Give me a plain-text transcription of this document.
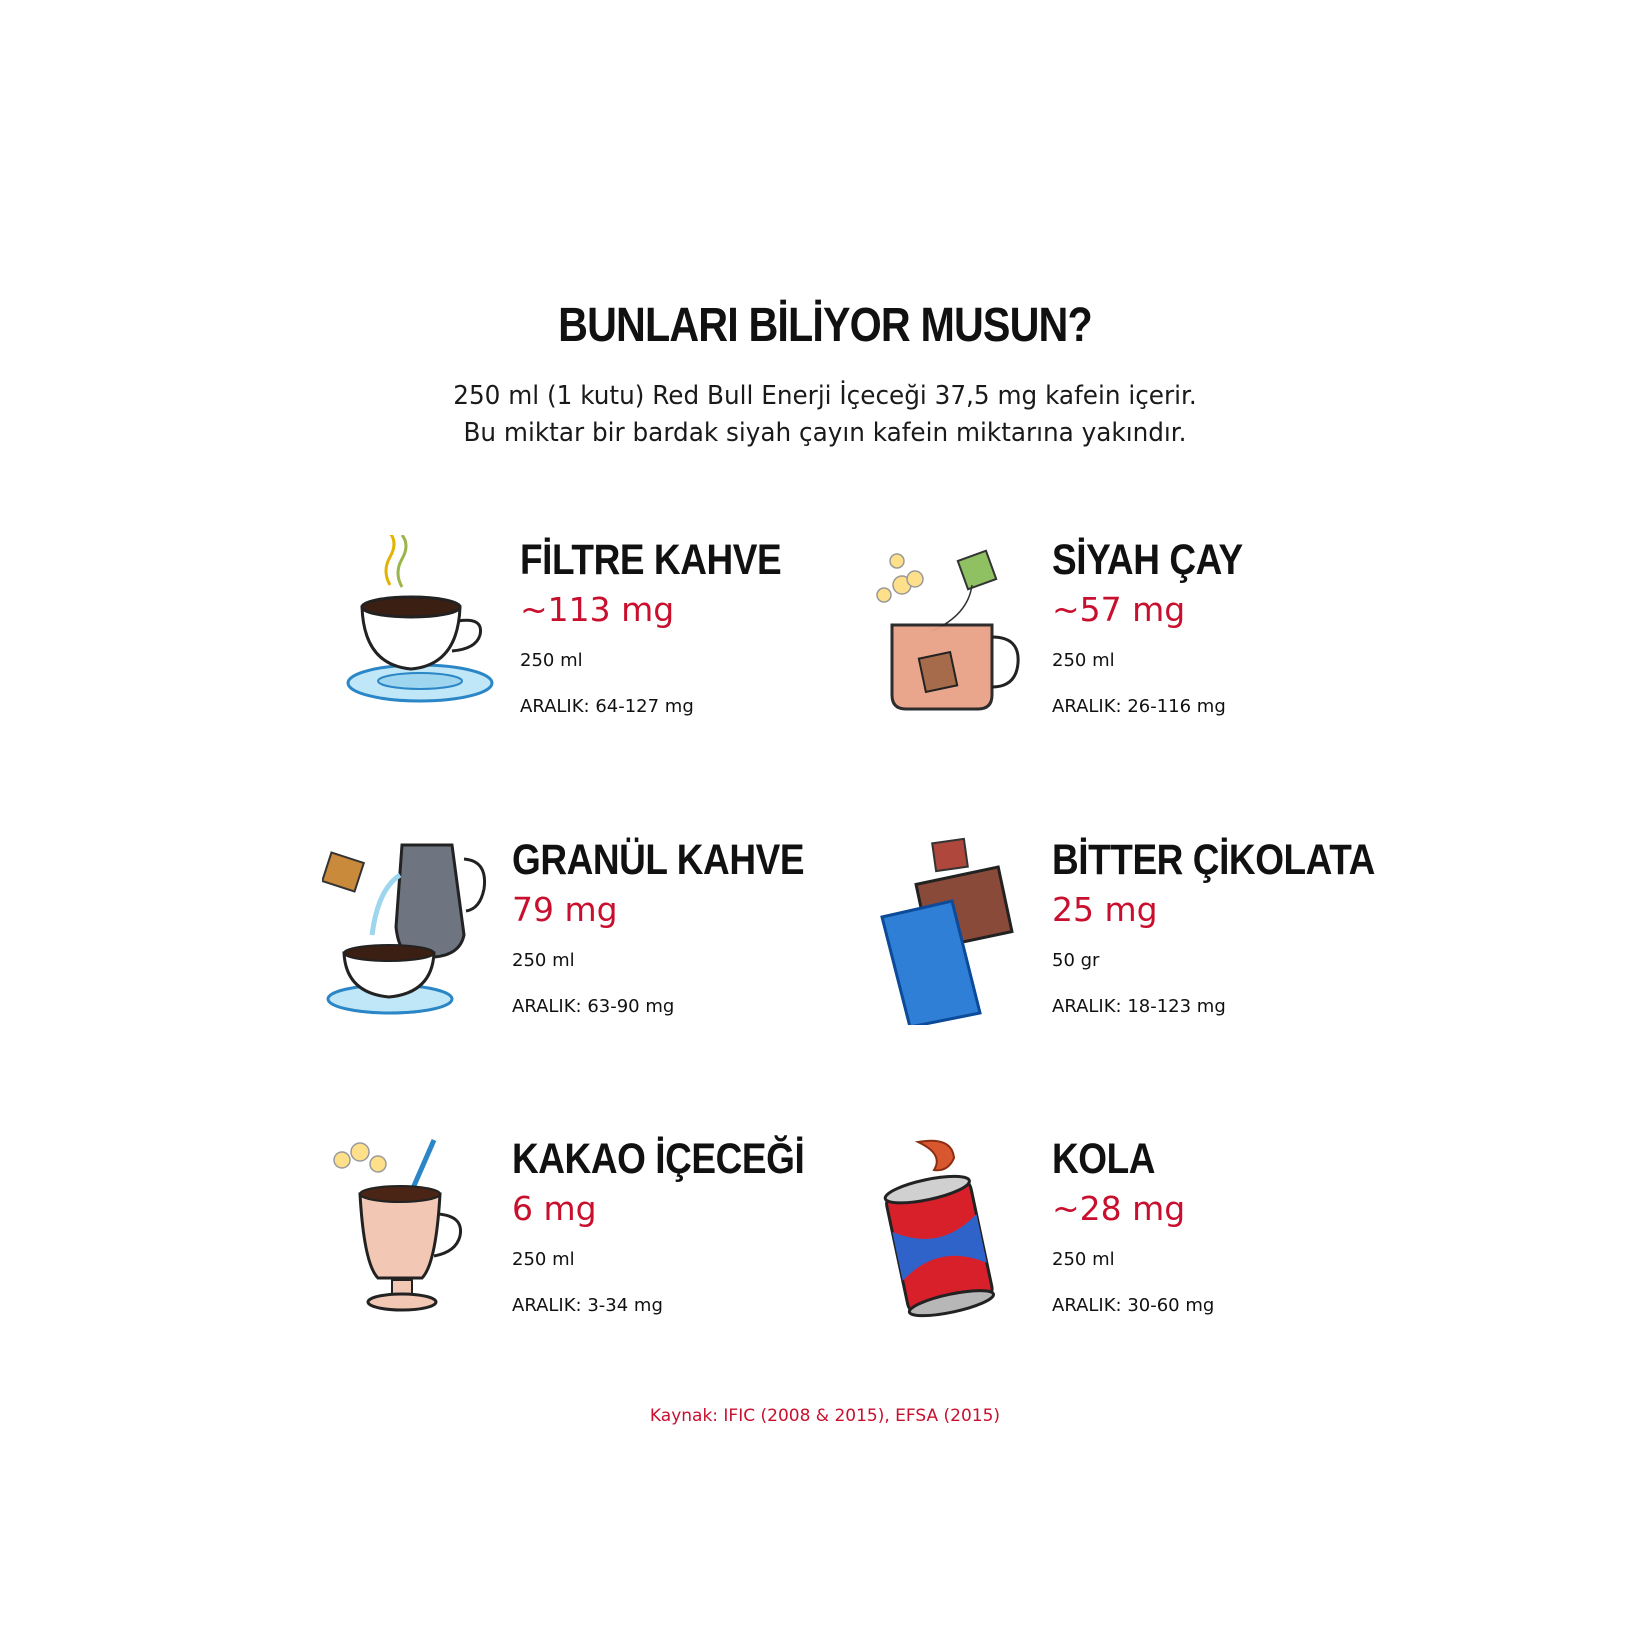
BUNLARI BİLİYOR MUSUN?
250 ml (1 kutu) Red Bull Enerji İçeceği 37,5 mg kafein içerir.
Bu miktar bir bardak siyah çayın kafein miktarına yakındır.
FİLTRE KAHVE
~113 mg
250 ml
ARALIK: 64-127 mg
SİYAH ÇAY
~57 mg
250 ml
ARALIK: 26-116 mg
GRANÜL KAHVE
79 mg
250 ml
ARALIK: 63-90 mg
BİTTER ÇİKOLATA
25 mg
50 gr
ARALIK: 18-123 mg
KAKAO İÇECEĞİ
6 mg
250 ml
ARALIK: 3-34 mg
KOLA
~28 mg
250 ml
ARALIK: 30-60 mg
Kaynak: IFIC (2008 & 2015), EFSA (2015)
